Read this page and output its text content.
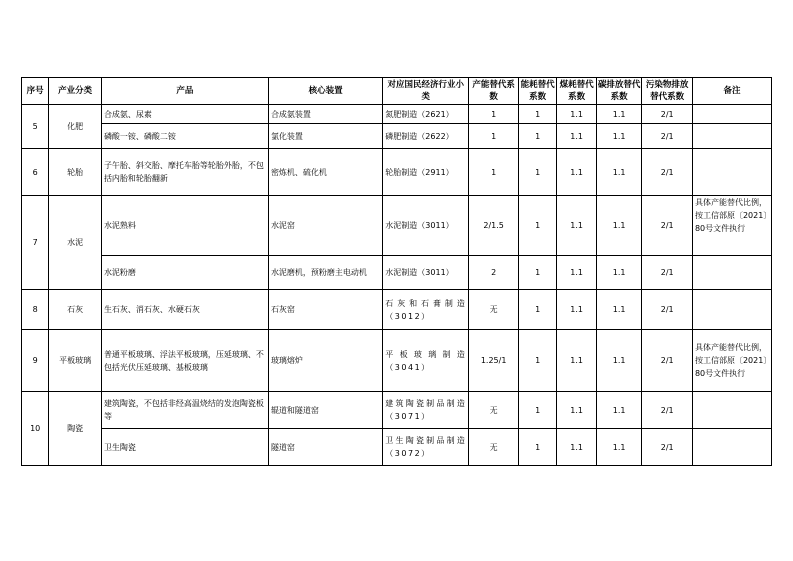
序号	产业分类	产品	核心装置	对应国民经济行业小类	产能替代系数	能耗替代系数	煤耗替代系数	碳排放替代系数	污染物排放替代系数	备注
5	化肥	合成氨、尿素	合成氨装置	氮肥制造（2621）	1	1	1.1	1.1	2/1	
		磷酸一铵、磷酸二铵	氯化装置	磷肥制造（2622）	1	1	1.1	1.1	2/1	
6	轮胎	子午胎、斜交胎、摩托车胎等轮胎外胎，不包括内胎和轮胎翻新	密炼机、硫化机	轮胎制造（2911）	1	1	1.1	1.1	2/1	
7	水泥	水泥熟料	水泥窑	水泥制造（3011）	2/1.5	1	1.1	1.1	2/1	具体产能替代比例，按工信部原〔2021〕80号文件执行
		水泥粉磨	水泥磨机，预粉磨主电动机	水泥制造（3011）	2	1	1.1	1.1	2/1	
8	石灰	生石灰、消石灰、水硬石灰	石灰窑	石灰和石膏制造（3012）	无	1	1.1	1.1	2/1	
9	平板玻璃	普通平板玻璃、浮法平板玻璃，压延玻璃、不包括光伏压延玻璃、基板玻璃	玻璃熔炉	平板玻璃制造（3041）	1.25/1	1	1.1	1.1	2/1	具体产能替代比例，按工信部原〔2021〕80号文件执行
10	陶瓷	建筑陶瓷，不包括非经高温烧结的发泡陶瓷板等	辊道和隧道窑	建筑陶瓷制品制造（3071）	无	1	1.1	1.1	2/1	
		卫生陶瓷	隧道窑	卫生陶瓷制品制造（3072）	无	1	1.1	1.1	2/1	
